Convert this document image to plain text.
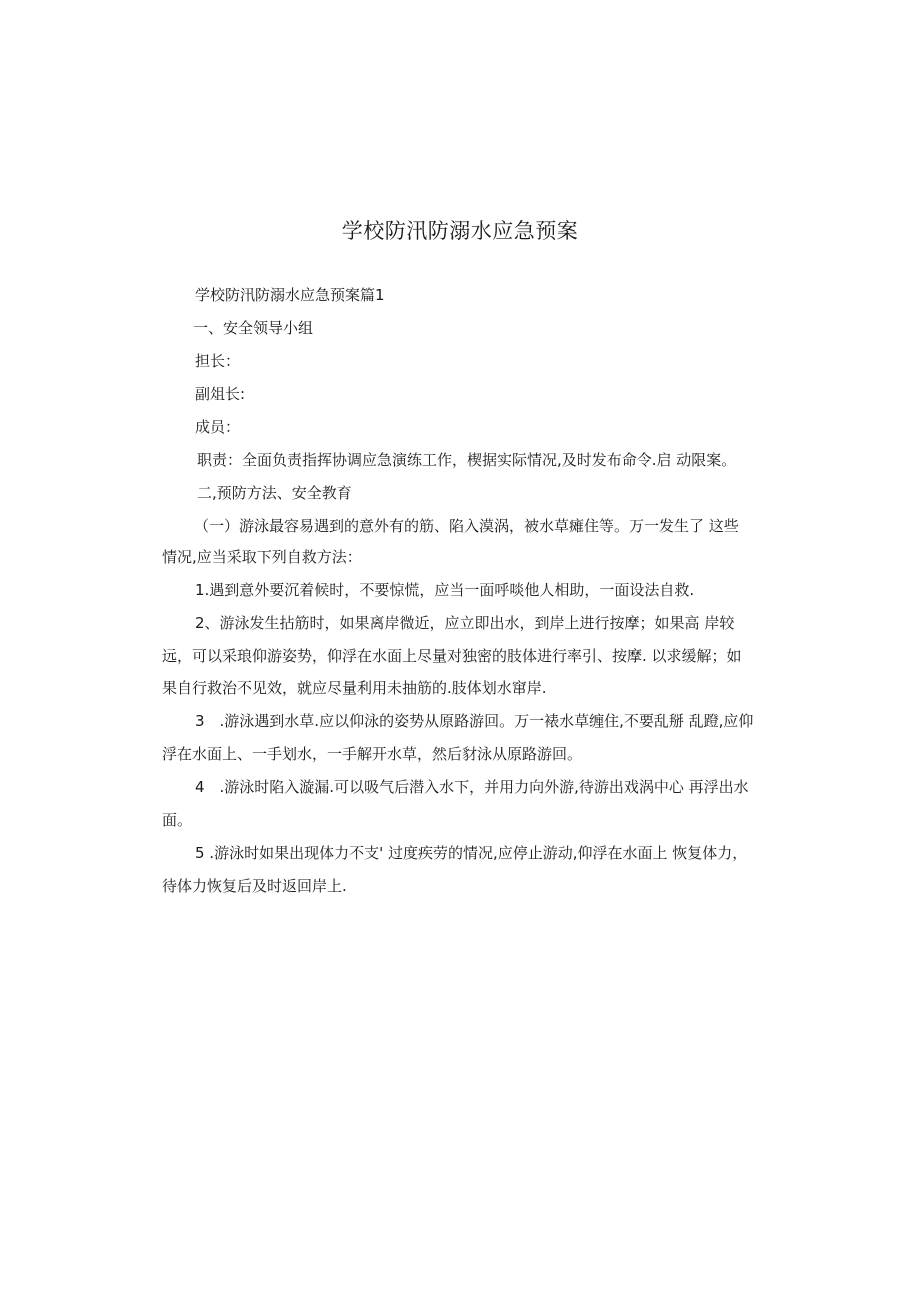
学校防汛防溺水应急预案

学校防汛防溺水应急预案篇1

一、安全领导小组

担长：

副俎长:

成员：

职责：全面负责指挥协调应急演练工作，楔据实际情况,及时发布命令.启 动限案。

二,预防方法、安全教育

（一）游泳最容易遇到的意外有的筋、陷入漠涡，被水草瘫住等。万一发生了 这些

情况,应当采取下列自救方法：

1.遇到意外要沉着候时，不要惊慌，应当一面呼啖他人相助，一面设法自救.

2、游泳发生拈筋时，如果离岸微近，应立即出水，到岸上进行按摩；如果高 岸较

远，可以采琅仰游姿势，仰浮在水面上尽量对独密的肢体进行率引、按摩. 以求缓解；如

果自行救治不见效，就应尽量利用未抽筋的.肢体划水窜岸.

3　.游泳遇到水草.应以仰泳的姿势从原路游回。万一裱水草缠住,不要乱掰 乱蹬,应仰

浮在水面上、一手划水，一手解开水草，然后豺泳从原路游回。

4　.游泳时陷入漩漏.可以吸气后潜入水下，并用力向外游,待游出戏涡中心 再浮出水

面。

5 .游泳时如果出现体力不支' 过度疾劳的情况,应停止游动,仰浮在水面上 恢复体力，

待体力恢复后及时返回岸上.
